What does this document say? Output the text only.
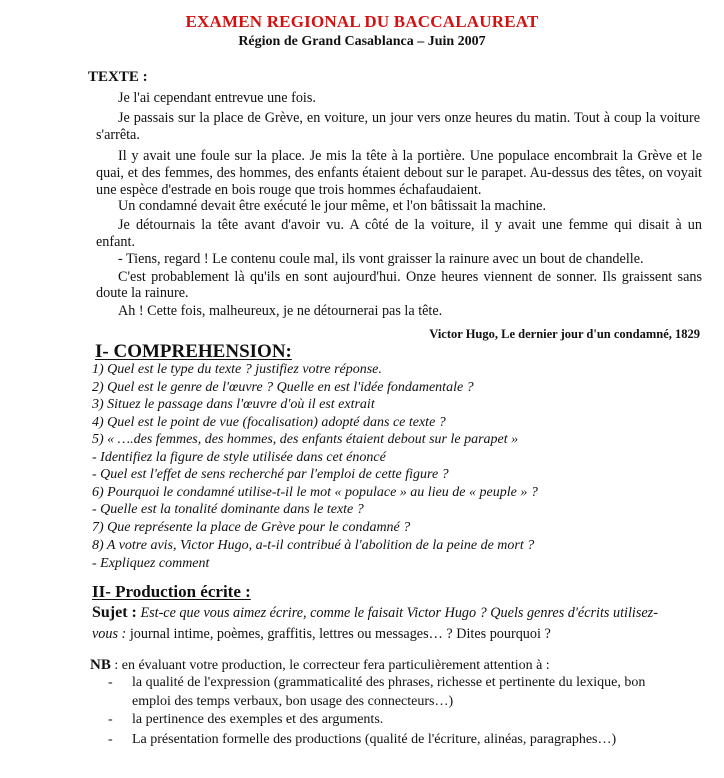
EXAMEN REGIONAL DU BACCALAUREAT
Région de Grand Casablanca – Juin 2007
TEXTE :
Je l'ai cependant entrevue une fois.
Je passais sur la place de Grève, en voiture, un jour vers onze heures du matin. Tout à coup la voiture
s'arrêta.
Il y avait une foule sur la place. Je mis la tête à la portière. Une populace encombrait la Grève et le
quai, et des femmes, des hommes, des enfants étaient debout sur le parapet. Au-dessus des têtes, on voyait
une espèce d'estrade en bois rouge que trois hommes échafaudaient.
Un condamné devait être exécuté le jour même, et l'on bâtissait la machine.
Je détournais la tête avant d'avoir vu. A côté de la voiture, il y avait une femme qui disait à un
enfant.
- Tiens, regard ! Le contenu coule mal, ils vont graisser la rainure avec un bout de chandelle.
C'est probablement là qu'ils en sont aujourd'hui. Onze heures viennent de sonner. Ils graissent sans
doute la rainure.
Ah ! Cette fois, malheureux, je ne détournerai pas la tête.
Victor Hugo, Le dernier jour d'un condamné, 1829
I- COMPREHENSION:
1) Quel est le type du texte ? justifiez votre réponse.
2) Quel est le genre de l'œuvre ? Quelle en est l'idée fondamentale ?
3) Situez le passage dans l'œuvre d'où il est extrait
4) Quel est le point de vue (focalisation) adopté dans ce texte ?
5) « ….des femmes, des hommes, des enfants étaient debout sur le parapet »
- Identifiez la figure de style utilisée dans cet énoncé
- Quel est l'effet de sens recherché par l'emploi de cette figure ?
6) Pourquoi le condamné utilise-t-il le mot « populace » au lieu de « peuple » ?
- Quelle est la tonalité dominante dans le texte ?
7) Que représente la place de Grève pour le condamné ?
8) A votre avis, Victor Hugo, a-t-il contribué à l'abolition de la peine de mort ?
- Expliquez comment
II- Production écrite :
Sujet : Est-ce que vous aimez écrire, comme le faisait Victor Hugo ? Quels genres d'écrits utilisez-
vous : journal intime, poèmes, graffitis, lettres ou messages… ? Dites pourquoi ?
NB : en évaluant votre production, le correcteur fera particulièrement attention à :
- la qualité de l'expression (grammaticalité des phrases, richesse et pertinente du lexique, bon
emploi des temps verbaux, bon usage des connecteurs…)
- la pertinence des exemples et des arguments.
- La présentation formelle des productions (qualité de l'écriture, alinéas, paragraphes…)
